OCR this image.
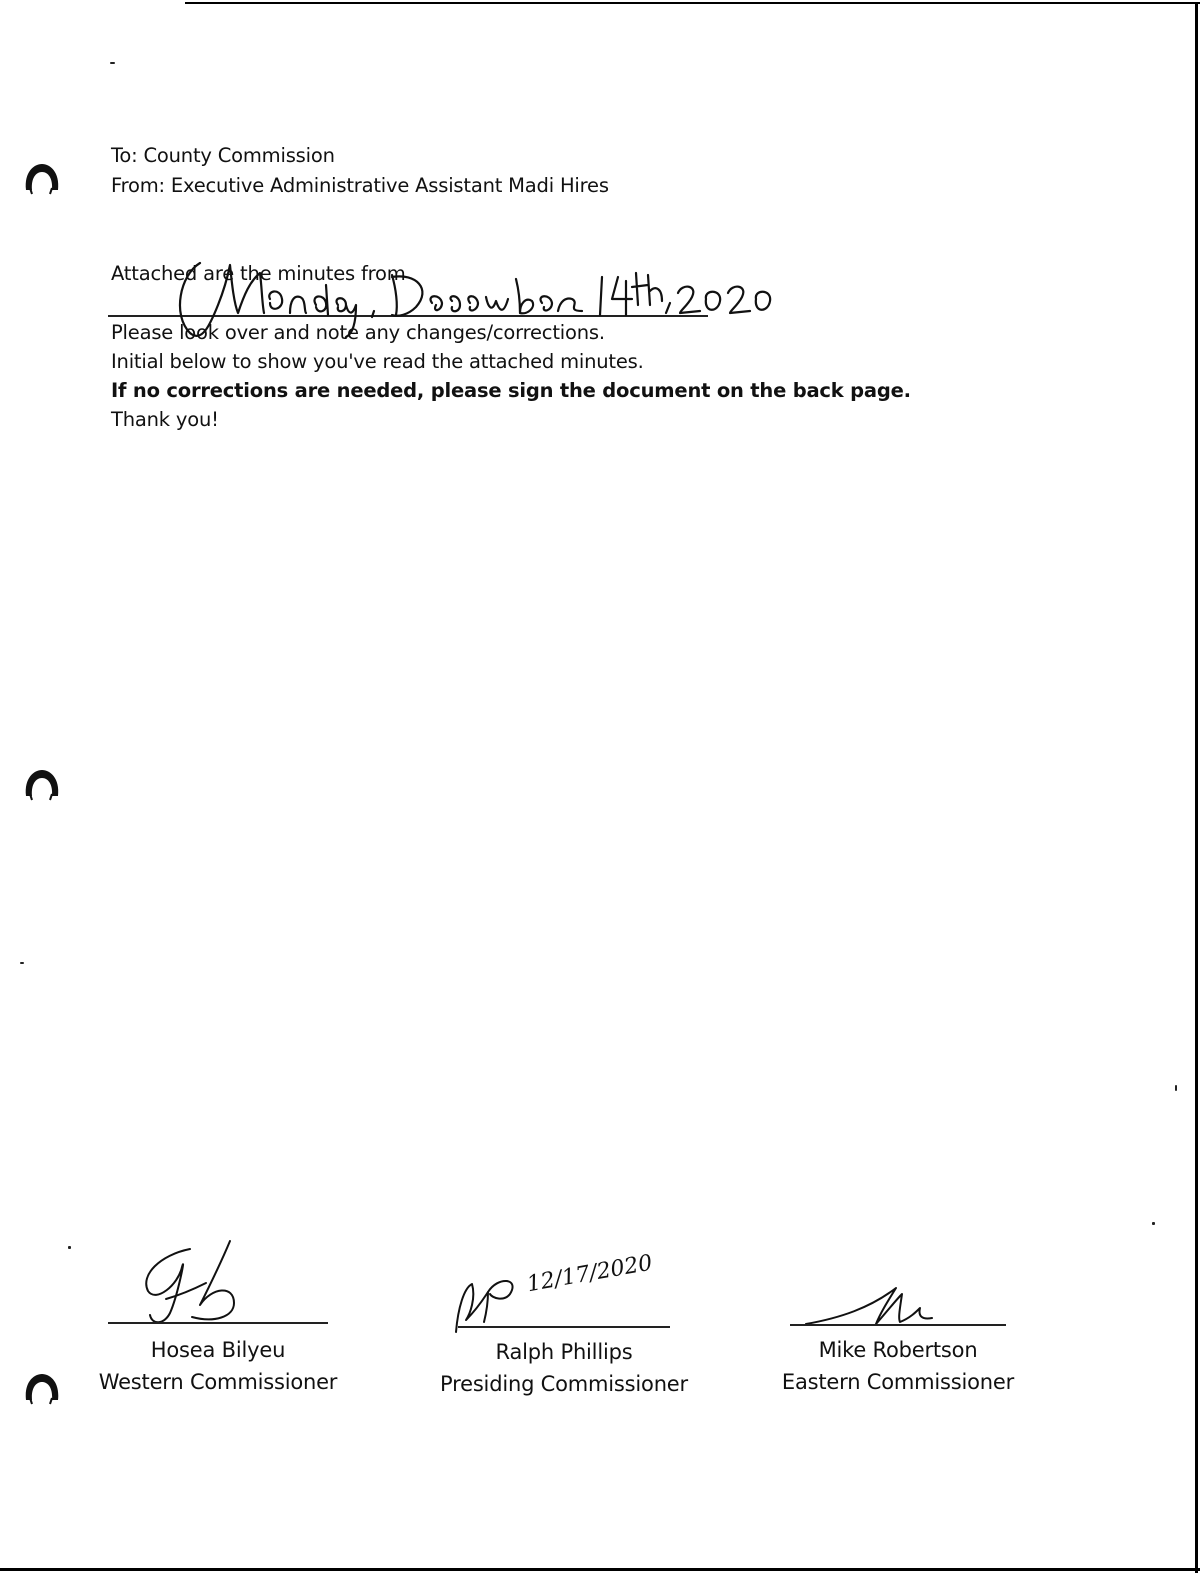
To: County Commission
From: Executive Administrative Assistant Madi Hires
Attached are the minutes from
Please look over and note any changes/corrections.
Initial below to show you've read the attached minutes.
If no corrections are needed, please sign the document on the back page.
Thank you!
Hosea Bilyeu
Western Commissioner
12/17/2020
Ralph Phillips
Presiding Commissioner
Mike Robertson
Eastern Commissioner
